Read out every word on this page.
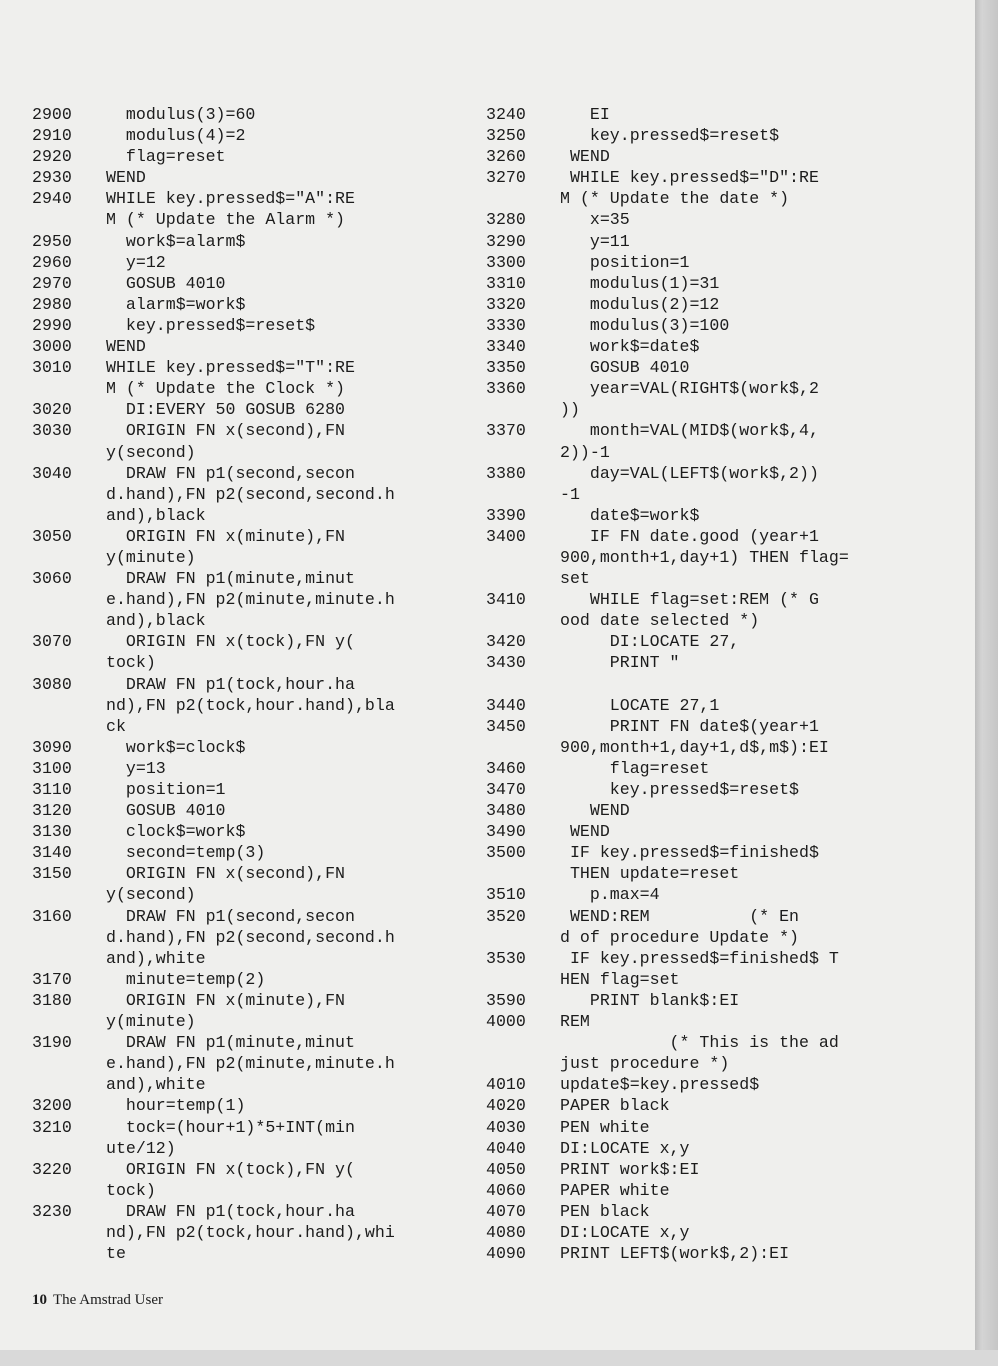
2900  modulus(3)=60
2910  modulus(4)=2
2920  flag=reset
2930 WEND
2940 WHILE key.pressed$="A":RE
M (* Update the Alarm *)
2950  work$=alarm$
2960  y=12
2970  GOSUB 4010
2980  alarm$=work$
2990  key.pressed$=reset$
3000 WEND
3010 WHILE key.pressed$="T":RE
M (* Update the Clock *)
3020  DI:EVERY 50 GOSUB 6280
3030  ORIGIN FN x(second),FN
y(second)
3040  DRAW FN p1(second,secon
d.hand),FN p2(second,second.h
and),black
3050  ORIGIN FN x(minute),FN
y(minute)
3060  DRAW FN p1(minute,minut
e.hand),FN p2(minute,minute.h
and),black
3070  ORIGIN FN x(tock),FN y(
tock)
3080  DRAW FN p1(tock,hour.ha
nd),FN p2(tock,hour.hand),bla
ck
3090  work$=clock$
3100  y=13
3110  position=1
3120  GOSUB 4010
3130  clock$=work$
3140  second=temp(3)
3150  ORIGIN FN x(second),FN
y(second)
3160  DRAW FN p1(second,secon
d.hand),FN p2(second,second.h
and),white
3170  minute=temp(2)
3180  ORIGIN FN x(minute),FN
y(minute)
3190  DRAW FN p1(minute,minut
e.hand),FN p2(minute,minute.h
and),white
3200  hour=temp(1)
3210  tock=(hour+1)*5+INT(min
ute/12)
3220  ORIGIN FN x(tock),FN y(
tock)
3230  DRAW FN p1(tock,hour.ha
nd),FN p2(tock,hour.hand),whi
te
3240   EI
3250   key.pressed$=reset$
3260 WEND
3270 WHILE key.pressed$="D":RE
M (* Update the date *)
3280   x=35
3290   y=11
3300   position=1
3310   modulus(1)=31
3320   modulus(2)=12
3330   modulus(3)=100
3340   work$=date$
3350   GOSUB 4010
3360   year=VAL(RIGHT$(work$,2
))
3370   month=VAL(MID$(work$,4,
2))-1
3380   day=VAL(LEFT$(work$,2))
-1
3390   date$=work$
3400   IF FN date.good (year+1
900,month+1,day+1) THEN flag=
set
3410   WHILE flag=set:REM (* G
ood date selected *)
3420     DI:LOCATE 27,
3430     PRINT "
3440     LOCATE 27,1
3450     PRINT FN date$(year+1
900,month+1,day+1,d$,m$):EI
3460     flag=reset
3470     key.pressed$=reset$
3480   WEND
3490 WEND
3500 IF key.pressed$=finished$
THEN update=reset
3510   p.max=4
3520 WEND:REM          (* En
d of procedure Update *)
3530 IF key.pressed$=finished$ T
HEN flag=set
3590   PRINT blank$:EI
4000 REM
(* This is the ad
just procedure *)
4010 update$=key.pressed$
4020 PAPER black
4030 PEN white
4040 DI:LOCATE x,y
4050 PRINT work$:EI
4060 PAPER white
4070 PEN black
4080 DI:LOCATE x,y
4090 PRINT LEFT$(work$,2):EI
10 The Amstrad User
